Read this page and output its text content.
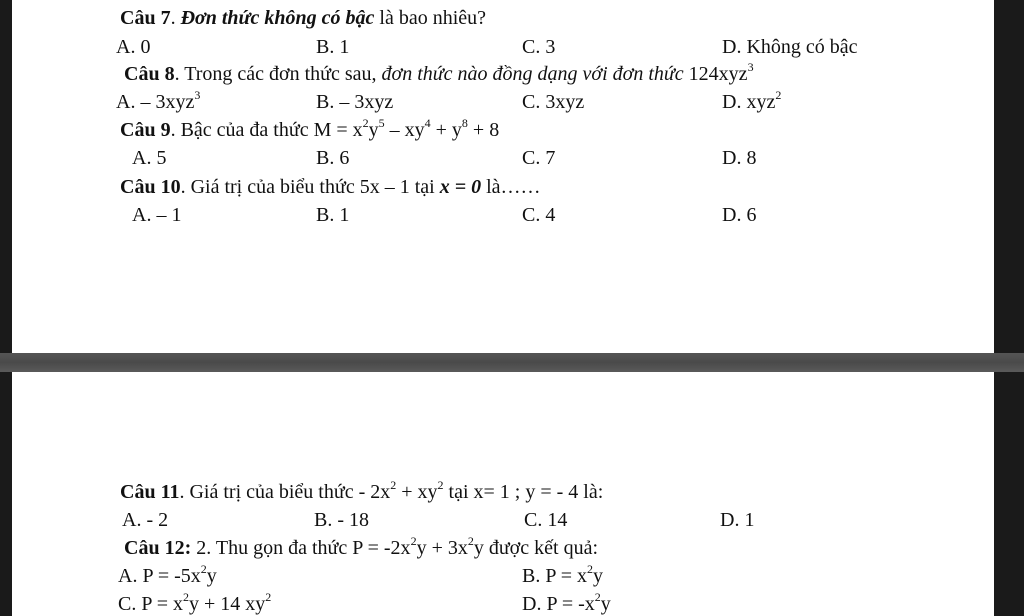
Câu 7. Đơn thức không có bậc là bao nhiêu?
A. 0	B. 1	C. 3	D. Không có bậc
Câu 8. Trong các đơn thức sau, đơn thức nào đồng dạng với đơn thức 124xyz$^3$
A. – 3xyz$^3$	B. – 3xyz	C. 3xyz	D. xyz$^2$
Câu 9. Bậc của đa thức $M = x^2y^5 - xy^4 + y^8 + 8$
A. 5	B. 6	C. 7	D. 8
Câu 10. Giá trị của biểu thức 5x – 1 tại x = 0 là……
A. – 1	B. 1	C. 4	D. 6
Câu 11. Giá trị của biểu thức - $2x^2 + xy^2$ tại x= 1 ; y = - 4 là:
A. - 2	B. - 18	C. 14	D. 1
Câu 12: 2. Thu gọn đa thức $P = -2x^2y + 3x^2y$ được kết quả:
A. $P = -5x^2y$	B. $P = x^2y$
C. $P = x^2y + 14$ $xy^2$	D. $P = -x^2y$
